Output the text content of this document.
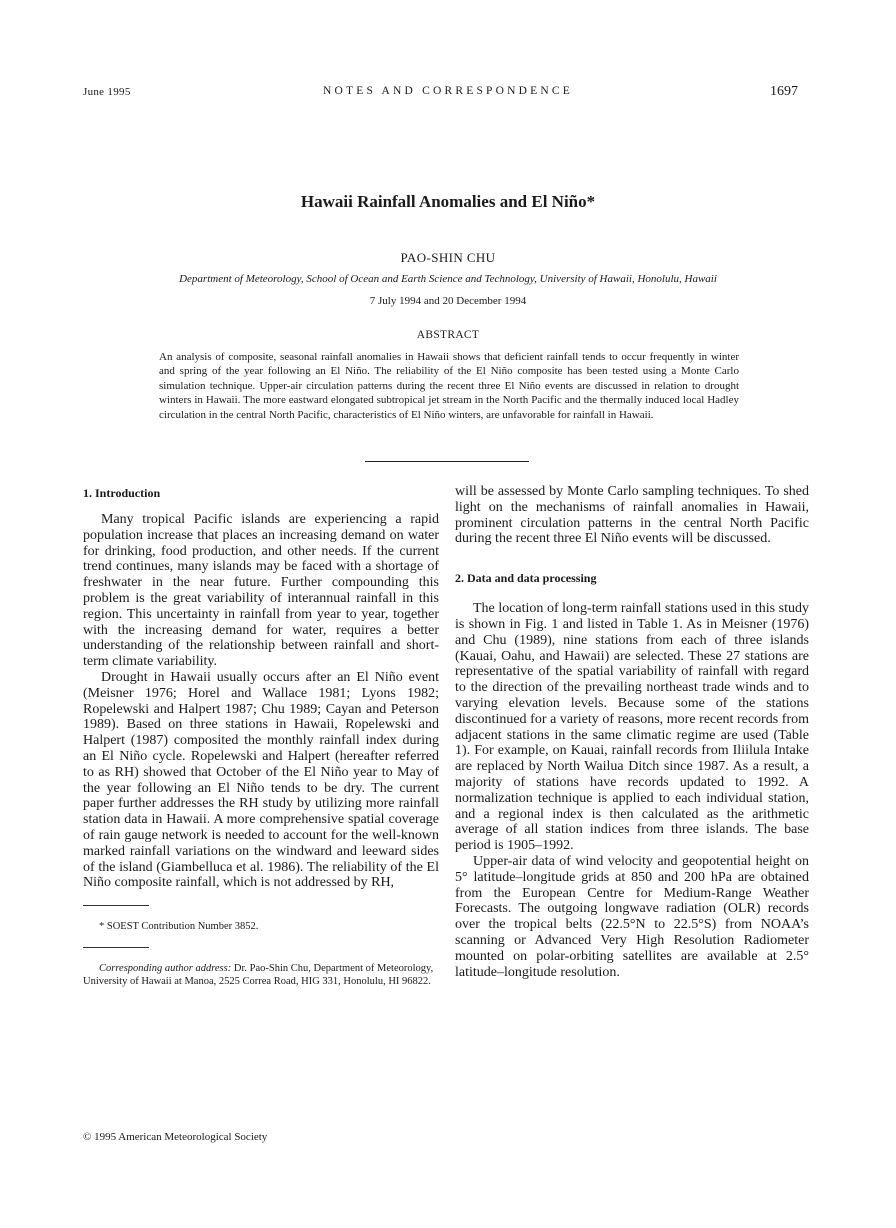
June 1995	NOTES AND CORRESPONDENCE	1697
Hawaii Rainfall Anomalies and El Niño*
PAO-SHIN CHU
Department of Meteorology, School of Ocean and Earth Science and Technology, University of Hawaii, Honolulu, Hawaii
7 July 1994 and 20 December 1994
ABSTRACT
An analysis of composite, seasonal rainfall anomalies in Hawaii shows that deficient rainfall tends to occur frequently in winter and spring of the year following an El Niño. The reliability of the El Niño composite has been tested using a Monte Carlo simulation technique. Upper-air circulation patterns during the recent three El Niño events are discussed in relation to drought winters in Hawaii. The more eastward elongated subtropical jet stream in the North Pacific and the thermally induced local Hadley circulation in the central North Pacific, characteristics of El Niño winters, are unfavorable for rainfall in Hawaii.
1. Introduction

Many tropical Pacific islands are experiencing a rapid population increase that places an increasing demand on water for drinking, food production, and other needs. If the current trend continues, many islands may be faced with a shortage of freshwater in the near future. Further compounding this problem is the great variability of interannual rainfall in this region. This uncertainty in rainfall from year to year, together with the increasing demand for water, requires a better understanding of the relationship between rainfall and short-term climate variability.

Drought in Hawaii usually occurs after an El Niño event (Meisner 1976; Horel and Wallace 1981; Lyons 1982; Ropelewski and Halpert 1987; Chu 1989; Cayan and Peterson 1989). Based on three stations in Hawaii, Ropelewski and Halpert (1987) composited the monthly rainfall index during an El Niño cycle. Ropelewski and Halpert (hereafter referred to as RH) showed that October of the El Niño year to May of the year following an El Niño tends to be dry. The current paper further addresses the RH study by utilizing more rainfall station data in Hawaii. A more comprehensive spatial coverage of rain gauge network is needed to account for the well-known marked rainfall variations on the windward and leeward sides of the island (Giambelluca et al. 1986). The reliability of the El Niño composite rainfall, which is not addressed by RH,

* SOEST Contribution Number 3852.

Corresponding author address: Dr. Pao-Shin Chu, Department of Meteorology, University of Hawaii at Manoa, 2525 Correa Road, HIG 331, Honolulu, HI 96822.

will be assessed by Monte Carlo sampling techniques. To shed light on the mechanisms of rainfall anomalies in Hawaii, prominent circulation patterns in the central North Pacific during the recent three El Niño events will be discussed.

2. Data and data processing

The location of long-term rainfall stations used in this study is shown in Fig. 1 and listed in Table 1. As in Meisner (1976) and Chu (1989), nine stations from each of three islands (Kauai, Oahu, and Hawaii) are selected. These 27 stations are representative of the spatial variability of rainfall with regard to the direction of the prevailing northeast trade winds and to varying elevation levels. Because some of the stations discontinued for a variety of reasons, more recent records from adjacent stations in the same climatic regime are used (Table 1). For example, on Kauai, rainfall records from Iliilula Intake are replaced by North Wailua Ditch since 1987. As a result, a majority of stations have records updated to 1992. A normalization technique is applied to each individual station, and a regional index is then calculated as the arithmetic average of all station indices from three islands. The base period is 1905–1992.

Upper-air data of wind velocity and geopotential height on 5° latitude–longitude grids at 850 and 200 hPa are obtained from the European Centre for Medium-Range Weather Forecasts. The outgoing longwave radiation (OLR) records over the tropical belts (22.5°N to 22.5°S) from NOAA’s scanning or Advanced Very High Resolution Radiometer mounted on polar-orbiting satellites are available at 2.5° latitude–longitude resolution.

© 1995 American Meteorological Society
